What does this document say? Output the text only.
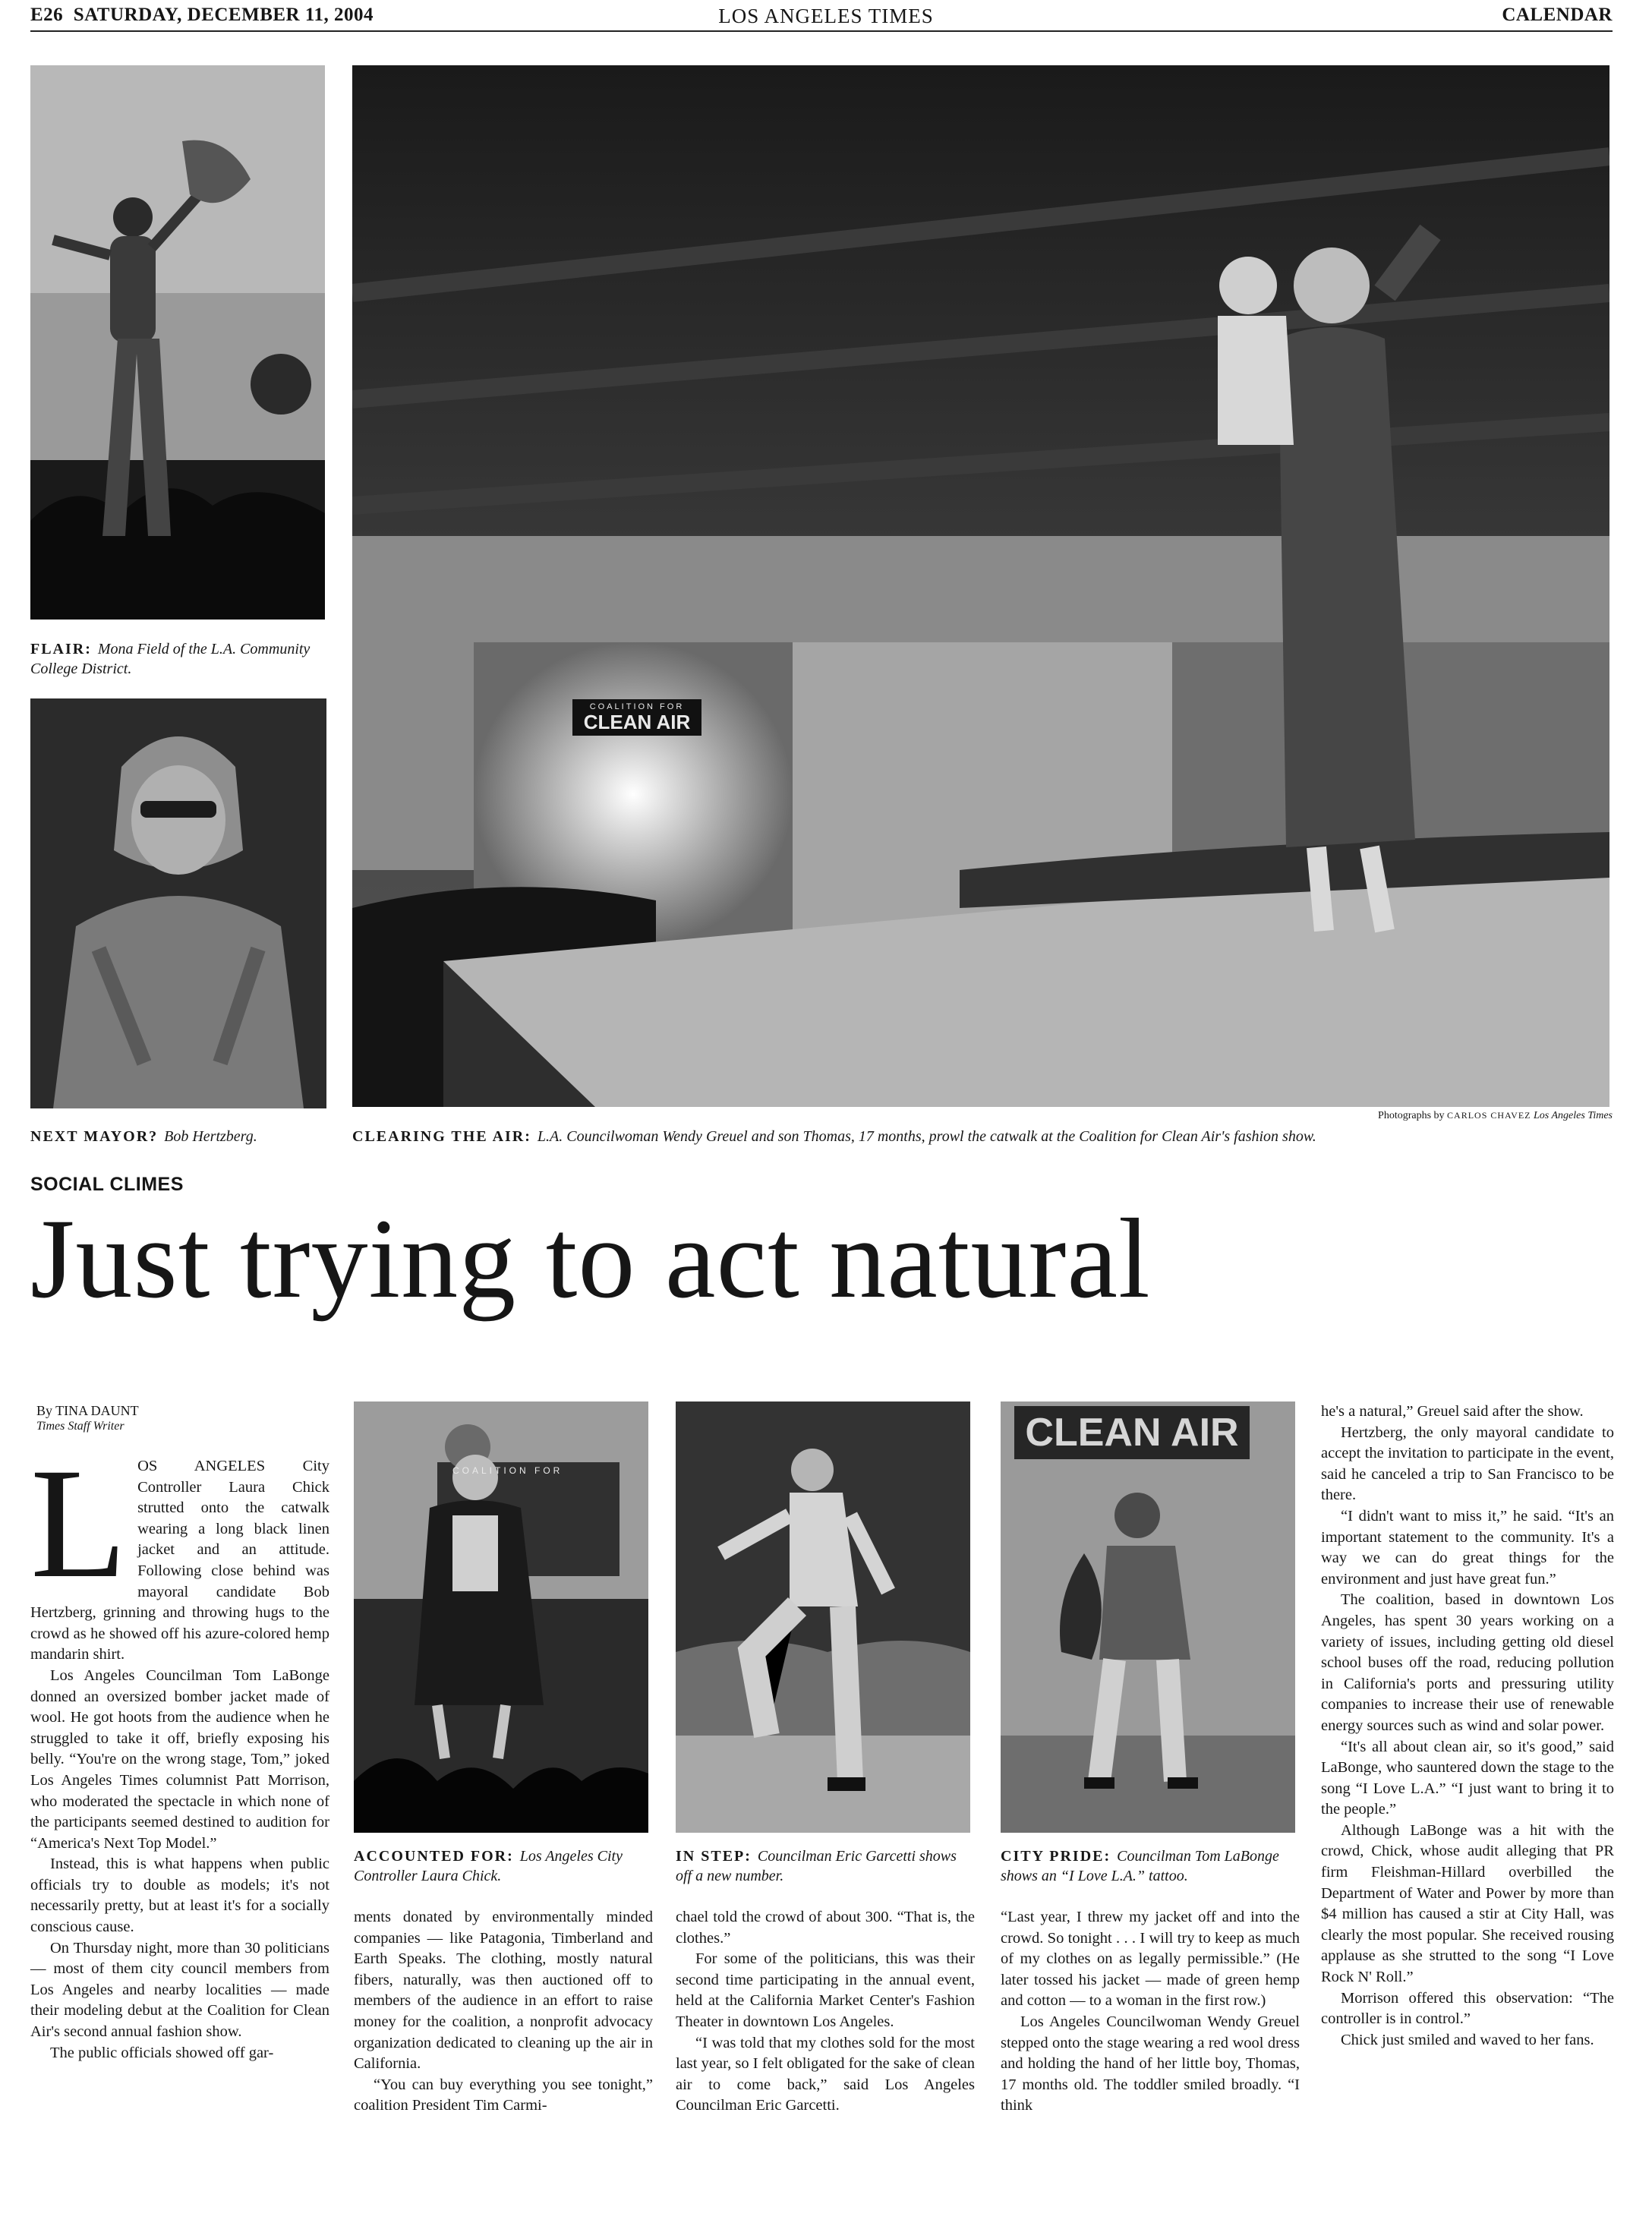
E26 SATURDAY, DECEMBER 11, 2004	LOS ANGELES TIMES	CALENDAR
FLAIR: Mona Field of the L.A. Community College District.
NEXT MAYOR? Bob Hertzberg.
COALITION FOR
CLEAN AIR
Photographs by CARLOS CHAVEZ Los Angeles Times
CLEARING THE AIR: L.A. Councilwoman Wendy Greuel and son Thomas, 17 months, prowl the catwalk at the Coalition for Clean Air's fashion show.
SOCIAL CLIMES
Just trying to act natural
By TINA DAUNT
Times Staff Writer

LOS ANGELES City Controller Laura Chick strutted onto the catwalk wearing a long black linen jacket and an attitude. Following close behind was mayoral candidate Bob Hertzberg, grinning and throwing hugs to the crowd as he showed off his azure-colored hemp mandarin shirt.

Los Angeles Councilman Tom LaBonge donned an oversized bomber jacket made of wool. He got hoots from the audience when he struggled to take it off, briefly exposing his belly. “You're on the wrong stage, Tom,” joked Los Angeles Times columnist Patt Morrison, who moderated the spectacle in which none of the participants seemed destined to audition for “America's Next Top Model.”

Instead, this is what happens when public officials try to double as models; it's not necessarily pretty, but at least it's for a socially conscious cause.

On Thursday night, more than 30 politicians — most of them city council members from Los Angeles and nearby localities — made their modeling debut at the Coalition for Clean Air's second annual fashion show.

The public officials showed off gar-

COALITION FOR
ACCOUNTED FOR: Los Angeles City Controller Laura Chick.
IN STEP: Councilman Eric Garcetti shows off a new number.
CLEAN AIR
CITY PRIDE: Councilman Tom LaBonge shows an “I Love L.A.” tattoo.

ments donated by environmentally minded companies — like Patagonia, Timberland and Earth Speaks. The clothing, mostly natural fibers, naturally, was then auctioned off to members of the audience in an effort to raise money for the coalition, a nonprofit advocacy organization dedicated to cleaning up the air in California.

“You can buy everything you see tonight,” coalition President Tim Carmi-

chael told the crowd of about 300. “That is, the clothes.”

For some of the politicians, this was their second time participating in the annual event, held at the California Market Center's Fashion Theater in downtown Los Angeles.

“I was told that my clothes sold for the most last year, so I felt obligated for the sake of clean air to come back,” said Los Angeles Councilman Eric Garcetti.

“Last year, I threw my jacket off and into the crowd. So tonight . . . I will try to keep as much of my clothes on as legally permissible.” (He later tossed his jacket — made of green hemp and cotton — to a woman in the first row.)

Los Angeles Councilwoman Wendy Greuel stepped onto the stage wearing a red wool dress and holding the hand of her little boy, Thomas, 17 months old. The toddler smiled broadly. “I think

he's a natural,” Greuel said after the show.

Hertzberg, the only mayoral candidate to accept the invitation to participate in the event, said he canceled a trip to San Francisco to be there.

“I didn't want to miss it,” he said. “It's an important statement to the community. It's a way we can do great things for the environment and just have great fun.”

The coalition, based in downtown Los Angeles, has spent 30 years working on a variety of issues, including getting old diesel school buses off the road, reducing pollution in California's ports and pressuring utility companies to increase their use of renewable energy sources such as wind and solar power.

“It's all about clean air, so it's good,” said LaBonge, who sauntered down the stage to the song “I Love L.A.” “I just want to bring it to the people.”

Although LaBonge was a hit with the crowd, Chick, whose audit alleging that PR firm Fleishman-Hillard overbilled the Department of Water and Power by more than $4 million has caused a stir at City Hall, was clearly the most popular. She received rousing applause as she strutted to the song “I Love Rock N' Roll.”

Morrison offered this observation: “The controller is in control.”

Chick just smiled and waved to her fans.
